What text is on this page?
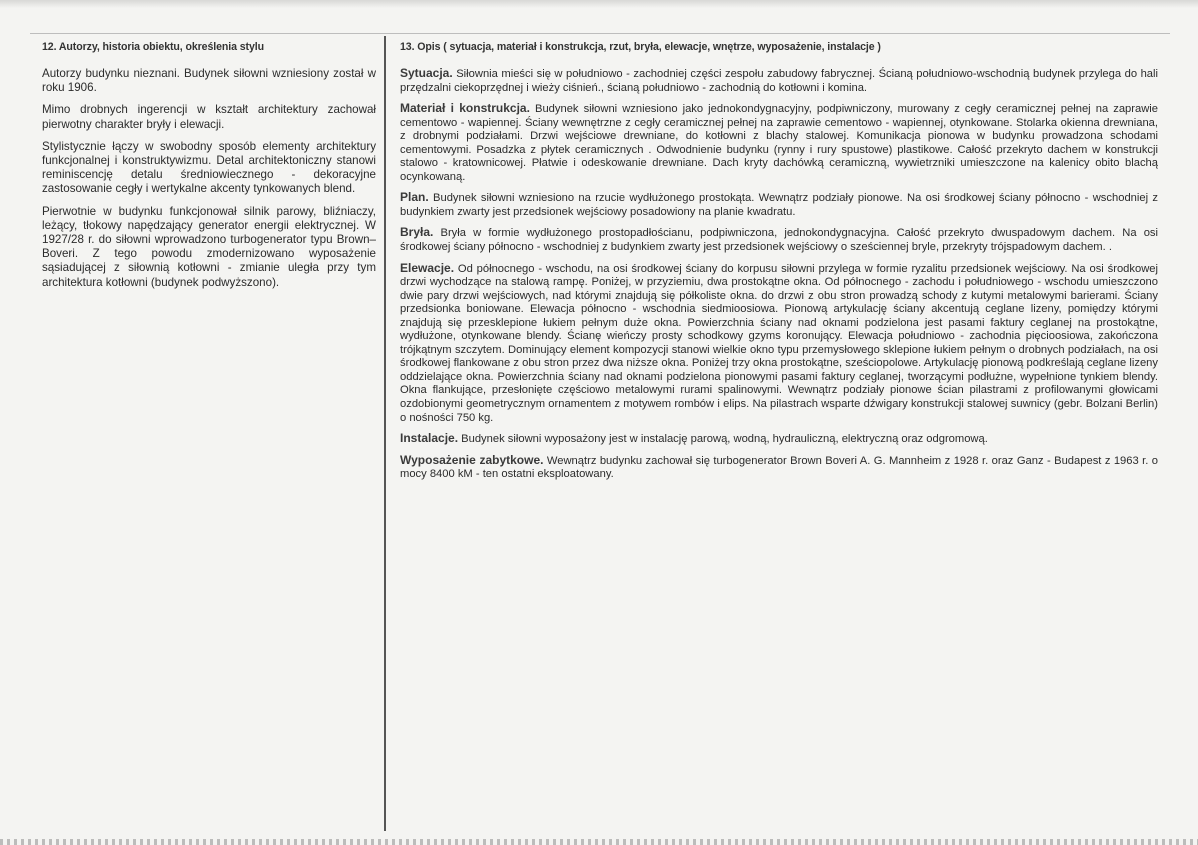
12. Autorzy, historia obiektu, określenia stylu

Autorzy budynku nieznani. Budynek siłowni wzniesiony został w roku 1906.

Mimo drobnych ingerencji w kształt architektury zachował pierwotny charakter bryły i elewacji.

Stylistycznie łączy w swobodny sposób elementy architektury funkcjonalnej i konstruktywizmu. Detal architektoniczny stanowi reminiscencję detalu średniowiecznego - dekoracyjne zastosowanie cegły i wertykalne akcenty tynkowanych blend.

Pierwotnie w budynku funkcjonował silnik parowy, bliźniaczy, leżący, tłokowy napędzający generator energii elektrycznej. W 1927/28 r. do siłowni wprowadzono turbogenerator typu Brown–Boveri. Z tego powodu zmodernizowano wyposażenie sąsiadującej z siłownią kotłowni - zmianie uległa przy tym architektura kotłowni (budynek podwyższono).

13. Opis ( sytuacja, materiał i konstrukcja, rzut, bryła, elewacje, wnętrze, wyposażenie, instalacje )

Sytuacja. Siłownia mieści się w południowo - zachodniej części zespołu zabudowy fabrycznej. Ścianą południowo-wschodnią budynek przylega do hali przędzalni ciekoprzędnej i wieży ciśnień., ścianą południowo - zachodnią do kotłowni i komina.

Materiał i konstrukcja. Budynek siłowni wzniesiono jako jednokondygnacyjny, podpiwniczony, murowany z cegły ceramicznej pełnej na zaprawie cementowo - wapiennej. Ściany wewnętrzne z cegły ceramicznej pełnej na zaprawie cementowo - wapiennej, otynkowane. Stolarka okienna drewniana, z drobnymi podziałami. Drzwi wejściowe drewniane, do kotłowni z blachy stalowej. Komunikacja pionowa w budynku prowadzona schodami cementowymi. Posadzka z płytek ceramicznych . Odwodnienie budynku (rynny i rury spustowe) plastikowe. Całość przekryto dachem w konstrukcji stalowo - kratownicowej. Płatwie i odeskowanie drewniane. Dach kryty dachówką ceramiczną, wywietrzniki umieszczone na kalenicy obito blachą ocynkowaną.

Plan. Budynek siłowni wzniesiono na rzucie wydłużonego prostokąta. Wewnątrz podziały pionowe. Na osi środkowej ściany północno - wschodniej z budynkiem zwarty jest przedsionek wejściowy posadowiony na planie kwadratu.

Bryła. Bryła w formie wydłużonego prostopadłościanu, podpiwniczona, jednokondygnacyjna. Całość przekryto dwuspadowym dachem. Na osi środkowej ściany północno - wschodniej z budynkiem zwarty jest przedsionek wejściowy o sześciennej bryle, przekryty trójspadowym dachem. .

Elewacje. Od północnego - wschodu, na osi środkowej ściany do korpusu siłowni przylega w formie ryzalitu przedsionek wejściowy. Na osi środkowej drzwi wychodzące na stalową rampę. Poniżej, w przyziemiu, dwa prostokątne okna. Od północnego - zachodu i południowego - wschodu umieszczono dwie pary drzwi wejściowych, nad którymi znajdują się półkoliste okna. do drzwi z obu stron prowadzą schody z kutymi metalowymi barierami. Ściany przedsionka boniowane. Elewacja północno - wschodnia siedmioosiowa. Pionową artykulację ściany akcentują ceglane lizeny, pomiędzy którymi znajdują się przesklepione łukiem pełnym duże okna. Powierzchnia ściany nad oknami podzielona jest pasami faktury ceglanej na prostokątne, wydłużone, otynkowane blendy. Ścianę wieńczy prosty schodkowy gzyms koronujący. Elewacja południowo - zachodnia pięcioosiowa, zakończona trójkątnym szczytem. Dominujący element kompozycji stanowi wielkie okno typu przemysłowego sklepione łukiem pełnym o drobnych podziałach, na osi środkowej flankowane z obu stron przez dwa niższe okna. Poniżej trzy okna prostokątne, sześciopolowe. Artykulację pionową podkreślają ceglane lizeny oddzielające okna. Powierzchnia ściany nad oknami podzielona pionowymi pasami faktury ceglanej, tworzącymi podłużne, wypełnione tynkiem blendy. Okna flankujące, przesłonięte częściowo metalowymi rurami spalinowymi. Wewnątrz podziały pionowe ścian pilastrami z profilowanymi głowicami ozdobionymi geometrycznym ornamentem z motywem rombów i elips. Na pilastrach wsparte dźwigary konstrukcji stalowej suwnicy (gebr. Bolzani Berlin) o nośności 750 kg.

Instalacje. Budynek siłowni wyposażony jest w instalację parową, wodną, hydrauliczną, elektryczną oraz odgromową.

Wyposażenie zabytkowe. Wewnątrz budynku zachował się turbogenerator Brown Boveri A. G. Mannheim z 1928 r. oraz Ganz - Budapest z 1963 r. o mocy 8400 kM - ten ostatni eksploatowany.
